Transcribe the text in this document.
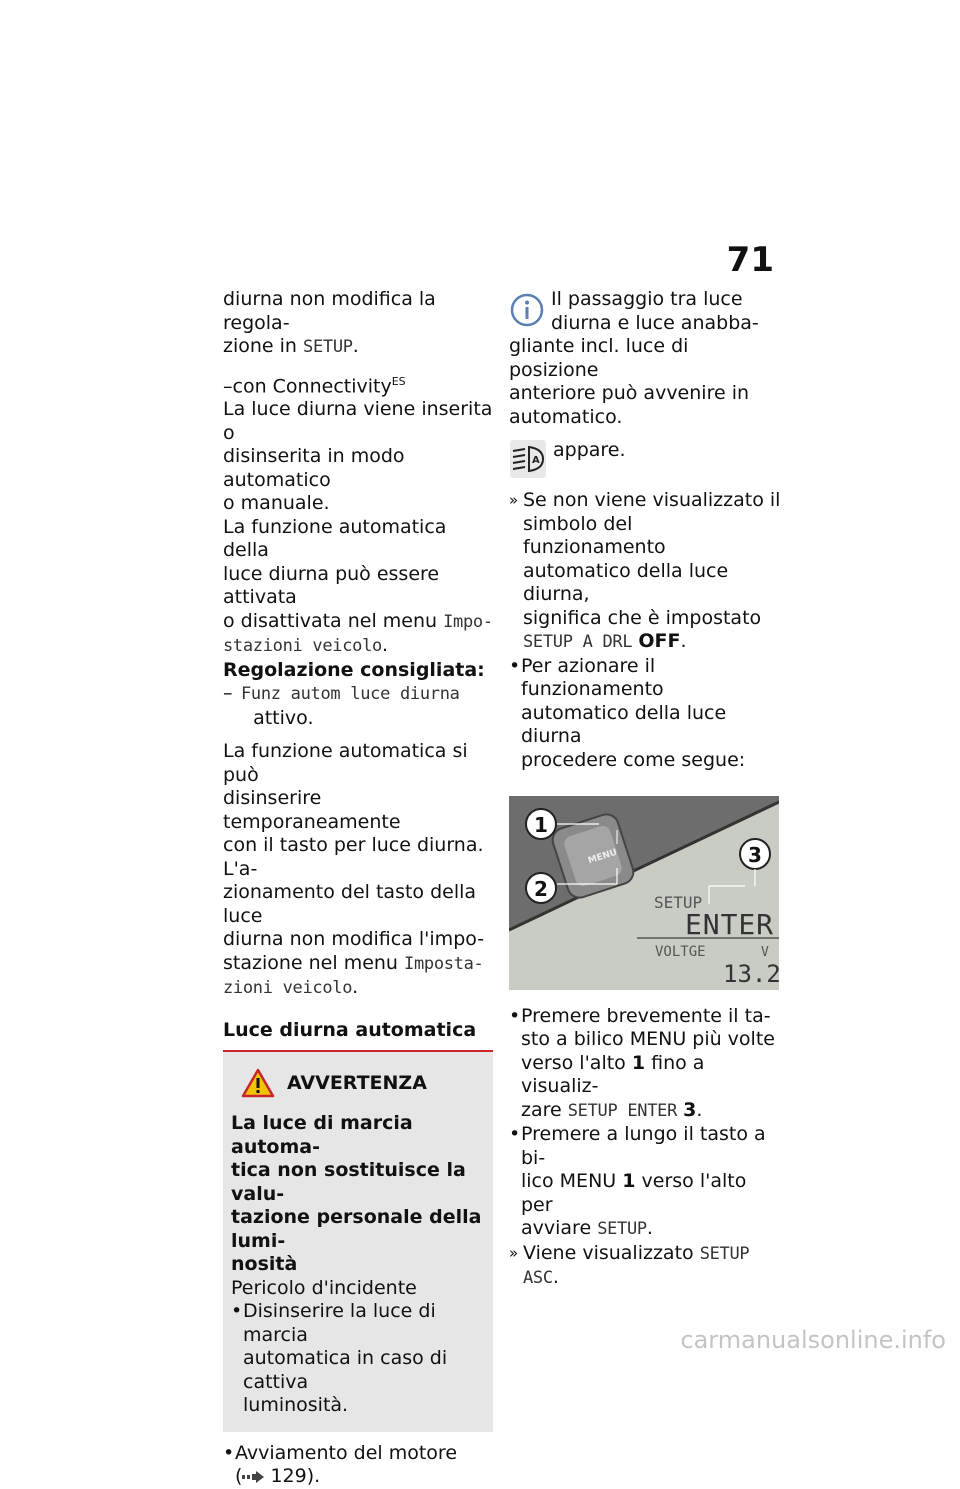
71

diurna non modifica la regola-
zione in SETUP.

–con Connectivity$^{ES}$

La luce diurna viene inserita o
disinserita in modo automatico
o manuale.

La funzione automatica della
luce diurna può essere attivata
o disattivata nel menu Impo-
stazioni veicolo.

Regolazione consigliata:

– Funz autom luce diurna
attivo.

La funzione automatica si può
disinserire temporaneamente
con il tasto per luce diurna. L'a-
zionamento del tasto della luce
diurna non modifica l'impo-
stazione nel menu Imposta-
zioni veicolo.

Luce diurna automatica

AVVERTENZA

La luce di marcia automa-
tica non sostituisce la valu-
tazione personale della lumi-
nosità

Pericolo d'incidente

• Disinserire la luce di marcia
automatica in caso di cattiva
luminosità.
• Avviamento del motore
( 129).
Il passaggio tra luce
diurna e luce anabba-

gliante incl. luce di posizione
anteriore può avvenire in
automatico.

A appare.
» Se non viene visualizzato il
simbolo del funzionamento
automatico della luce diurna,
significa che è impostato
SETUP A DRL OFF.
• Per azionare il funzionamento
automatico della luce diurna
procedere come segue:
MENU
SETUP
ENTER
VOLTGE	V
13.2
1
2
3
• Premere brevemente il ta-
sto a bilico MENU più volte
verso l'alto 1 fino a visualiz-
zare SETUP ENTER 3.
• Premere a lungo il tasto a bi-
lico MENU 1 verso l'alto per
avviare SETUP.
» Viene visualizzato SETUP ASC.
carmanualsonline.info
